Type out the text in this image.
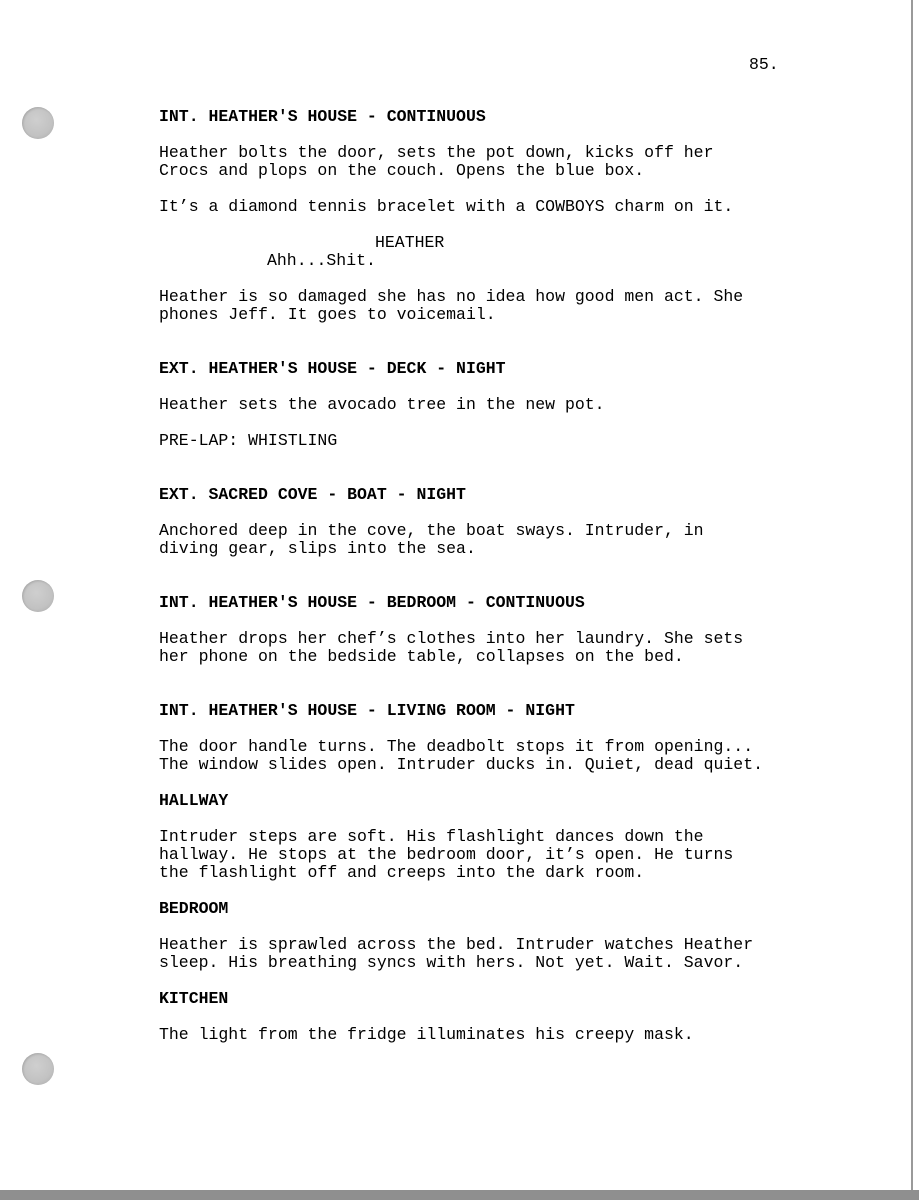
85.

INT. HEATHER'S HOUSE - CONTINUOUS

Heather bolts the door, sets the pot down, kicks off her

Crocs and plops on the couch. Opens the blue box.

It’s a diamond tennis bracelet with a COWBOYS charm on it.

HEATHER

Ahh...Shit.

Heather is so damaged she has no idea how good men act. She

phones Jeff. It goes to voicemail.

EXT. HEATHER'S HOUSE - DECK - NIGHT

Heather sets the avocado tree in the new pot.

PRE-LAP: WHISTLING

EXT. SACRED COVE - BOAT - NIGHT

Anchored deep in the cove, the boat sways. Intruder, in

diving gear, slips into the sea.

INT. HEATHER'S HOUSE - BEDROOM - CONTINUOUS

Heather drops her chef’s clothes into her laundry. She sets

her phone on the bedside table, collapses on the bed.

INT. HEATHER'S HOUSE - LIVING ROOM - NIGHT

The door handle turns. The deadbolt stops it from opening...

The window slides open. Intruder ducks in. Quiet, dead quiet.

HALLWAY

Intruder steps are soft. His flashlight dances down the

hallway. He stops at the bedroom door, it’s open. He turns

the flashlight off and creeps into the dark room.

BEDROOM

Heather is sprawled across the bed. Intruder watches Heather

sleep. His breathing syncs with hers. Not yet. Wait. Savor.

KITCHEN

The light from the fridge illuminates his creepy mask.
